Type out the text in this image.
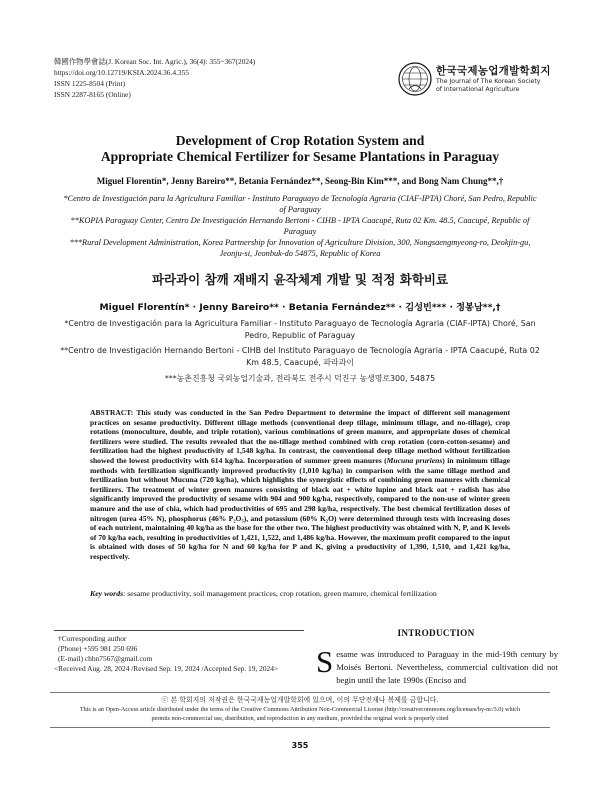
韓國作物學會誌(J. Korean Soc. Int. Agric.), 36(4): 355~367(2024)
https://doi.org/10.12719/KSIA.2024.36.4.355
ISSN 1225-8504 (Print)
ISSN 2287-8165 (Online)
한국국제농업개발학회지
The Journal of The Korean Society
of International Agriculture
Development of Crop Rotation System and
Appropriate Chemical Fertilizer for Sesame Plantations in Paraguay
Miguel Florentín*, Jenny Bareiro**, Betania Fernández**, Seong-Bin Kim***, and Bong Nam Chung**,†
*Centro de Investigación para la Agricultura Familiar - Instituto Paraguayo de Tecnología Agraria (CIAF-IPTA) Choré, San Pedro, Republic of Paraguay
**KOPIA Paraguay Center, Centro De Investigación Hernando Bertoni - CIHB - IPTA Caacupé, Ruta 02 Km. 48.5, Caacupé, Republic of Paraguay
***Rural Development Administration, Korea Partnership for Innovation of Agriculture Division, 300, Nongsaengmyeong-ro, Deokjin-gu, Jeonju-si, Jeonbuk-do 54875, Republic of Korea
파라과이 참깨 재배지 윤작체계 개발 및 적정 화학비료
Miguel Florentín* · Jenny Bareiro** · Betania Fernández** · 김성빈*** · 정봉남**,†
*Centro de Investigación para la Agricultura Familiar - Instituto Paraguayo de Tecnología Agraria (CIAF-IPTA) Choré, San Pedro, Republic of Paraguay
**Centro de Investigación Hernando Bertoni - CIHB del Instituto Paraguayo de Tecnología Agraria - IPTA Caacupé, Ruta 02 Km 48.5, Caacupé, 파라과이
***농촌진흥청 국외농업기술과, 전라북도 전주시 덕진구 농생명로300, 54875
ABSTRACT: This study was conducted in the San Pedro Department to determine the impact of different soil management practices on sesame productivity. Different tillage methods (conventional deep tillage, minimum tillage, and no-tillage), crop rotations (monoculture, double, and triple rotation), various combinations of green manure, and appropriate doses of chemical fertilizers were studied. The results revealed that the no-tillage method combined with crop rotation (corn-cotton-sesame) and fertilization had the highest productivity of 1,548 kg/ha. In contrast, the conventional deep tillage method without fertilization showed the lowest productivity with 614 kg/ha. Incorporation of summer green manures (Mucuna pruriens) in minimum tillage methods with fertilization significantly improved productivity (1,010 kg/ha) in comparison with the same tillage method and fertilization but without Mucuna (720 kg/ha), which highlights the synergistic effects of combining green manures with chemical fertilizers. The treatment of winter green manures consisting of black oat + white lupine and black oat + radish has also significantly improved the productivity of sesame with 904 and 900 kg/ha, respectively, compared to the non-use of winter green manure and the use of chia, which had productivities of 695 and 298 kg/ha, respectively. The best chemical fertilization doses of nitrogen (urea 45% N), phosphorus (46% P₂O₅), and potassium (60% K₂O) were determined through tests with increasing doses of each nutrient, maintaining 40 kg/ha as the base for the other two. The highest productivity was obtained with N, P, and K levels of 70 kg/ha each, resulting in productivities of 1,421, 1,522, and 1,486 kg/ha. However, the maximum profit compared to the input is obtained with doses of 50 kg/ha for N and 60 kg/ha for P and K, giving a productivity of 1,390, 1,510, and 1,421 kg/ha, respectively.
Key words: sesame productivity, soil management practices, crop rotation, green manure, chemical fertilization
†Corresponding author
(Phone) +595 981 250 696
(E-mail) chbn7567@gmail.com
<Received Aug. 28, 2024 /Revised Sep. 19, 2024 /Accepted Sep. 19, 2024>
INTRODUCTION
Sesame was introduced to Paraguay in the mid-19th century by Moisés Bertoni. Nevertheless, commercial cultivation did not begin until the late 1990s (Enciso and
ⓒ 본 학회지의 저작권은 한국국제농업개발학회에 있으며, 이의 무단전재나 복제를 금합니다.
This is an Open-Access article distributed under the terms of the Creative Commons Attribution Non-Commercial License (http://creativecommons.org/licenses/by-nc/3.0) which
permits non-commercial use, distribution, and reproduction in any medium, provided the original work is properly cited
355
